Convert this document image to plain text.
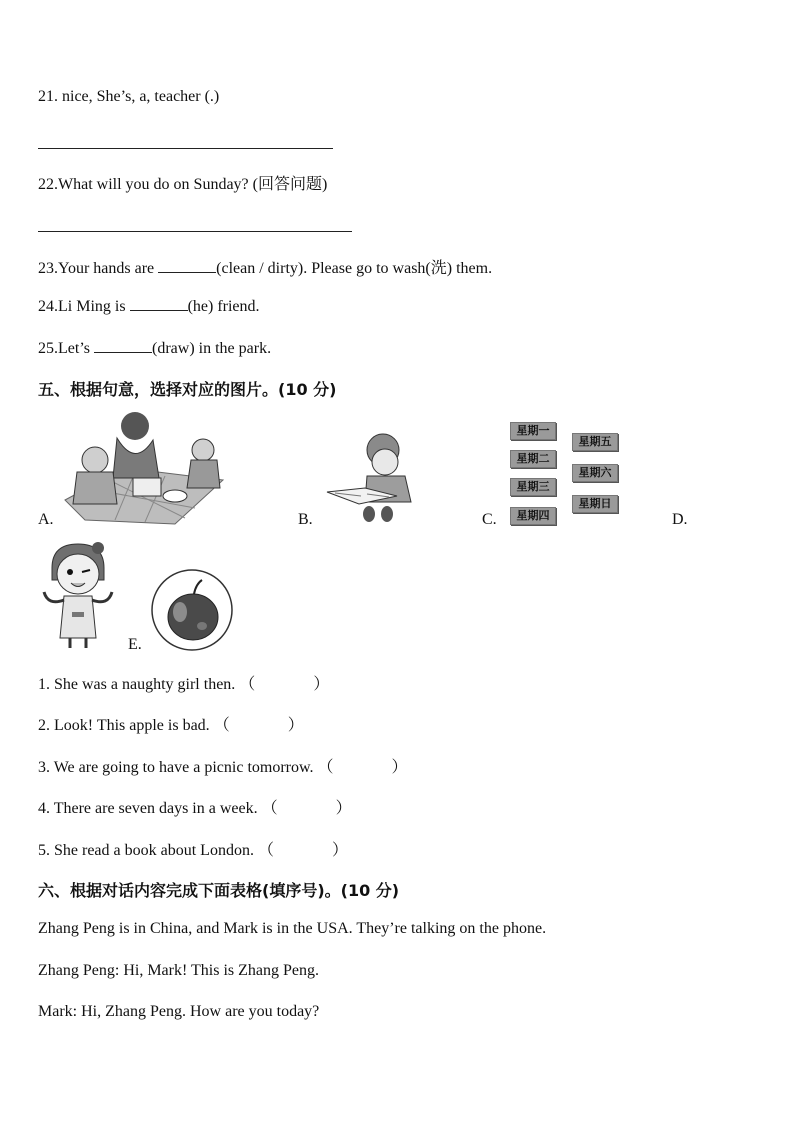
21. nice, She’s, a, teacher (.)
22.What will you do on Sunday? (回答问题)
23.Your hands are	(clean / dirty). Please go to wash(洗) them.
24.Li Ming is	(he) friend.
25.Let’s	(draw) in the park.
五、根据句意，选择对应的图片。(10 分)
A.	B.
星期一
星期二
星期三
星期四
星期五
星期六
星期日
C.	D.
E.
1. She was a naughty girl then. （	）
2. Look! This apple is bad. （	）
3. We are going to have a picnic tomorrow. （	）
4. There are seven days in a week. （	）
5. She read a book about London. （	）
六、根据对话内容完成下面表格(填序号)。(10 分)
Zhang Peng is in China, and Mark is in the USA. They’re talking on the phone.
Zhang Peng: Hi, Mark! This is Zhang Peng.
Mark: Hi, Zhang Peng. How are you today?
